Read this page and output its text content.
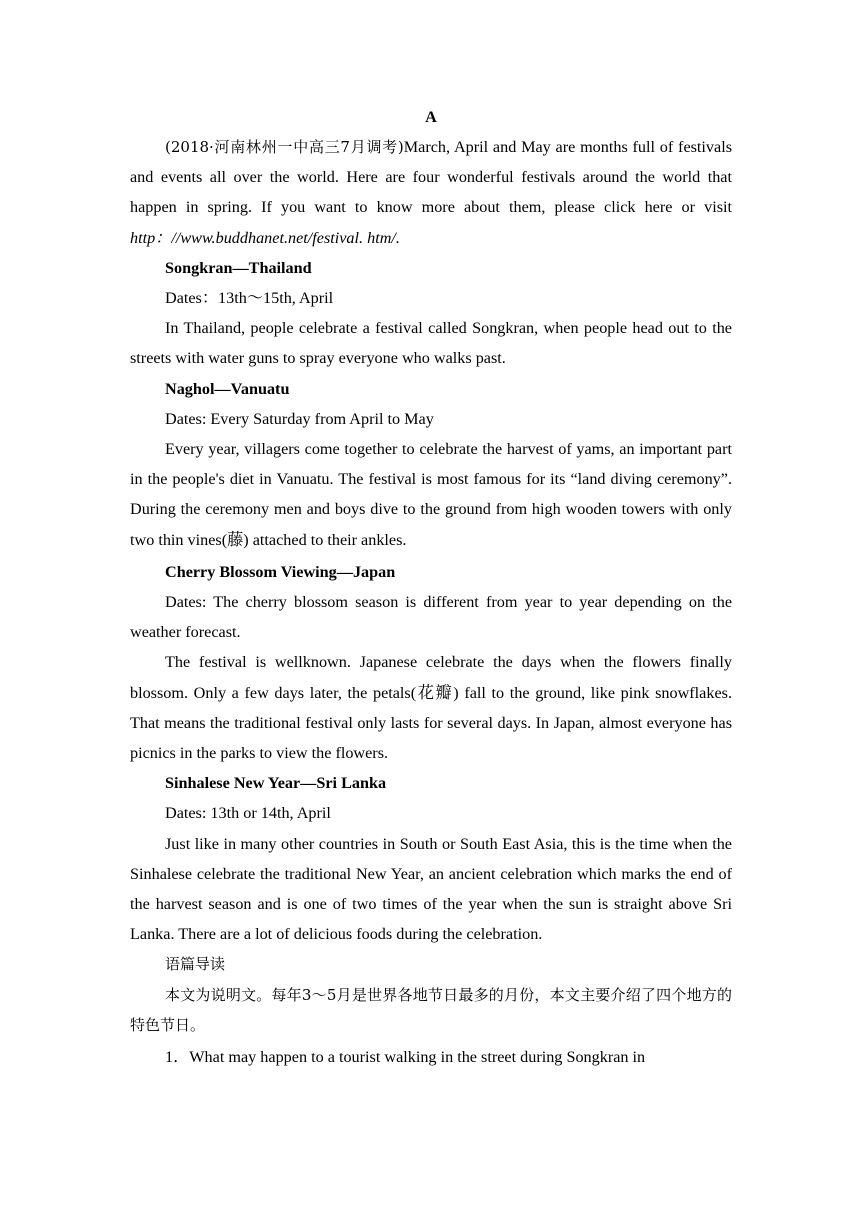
A

(2018·河南林州一中高三7月调考)March, April and May are months full of festivals and events all over the world. Here are four wonderful festivals around the world that happen in spring. If you want to know more about them, please click here or visit http：//www.buddhanet.net/festival. htm/.

Songkran—Thailand

Dates：13th～15th, April

In Thailand, people celebrate a festival called Songkran, when people head out to the streets with water guns to spray everyone who walks past.

Naghol—Vanuatu

Dates: Every Saturday from April to May

Every year, villagers come together to celebrate the harvest of yams, an important part in the people's diet in Vanuatu. The festival is most famous for its “land diving ceremony”. During the ceremony men and boys dive to the ground from high wooden towers with only two thin vines(藤) attached to their ankles.

Cherry Blossom Viewing—Japan

Dates: The cherry blossom season is different from year to year depending on the weather forecast.

The festival is wellknown. Japanese celebrate the days when the flowers finally blossom. Only a few days later, the petals(花瓣) fall to the ground, like pink snowflakes. That means the traditional festival only lasts for several days. In Japan, almost everyone has picnics in the parks to view the flowers.

Sinhalese New Year—Sri Lanka

Dates: 13th or 14th, April

Just like in many other countries in South or South East Asia, this is the time when the Sinhalese celebrate the traditional New Year, an ancient celebration which marks the end of the harvest season and is one of two times of the year when the sun is straight above Sri Lanka. There are a lot of delicious foods during the celebration.

语篇导读

本文为说明文。每年3～5月是世界各地节日最多的月份，本文主要介绍了四个地方的特色节日。

1．What may happen to a tourist walking in the street during Songkran in
